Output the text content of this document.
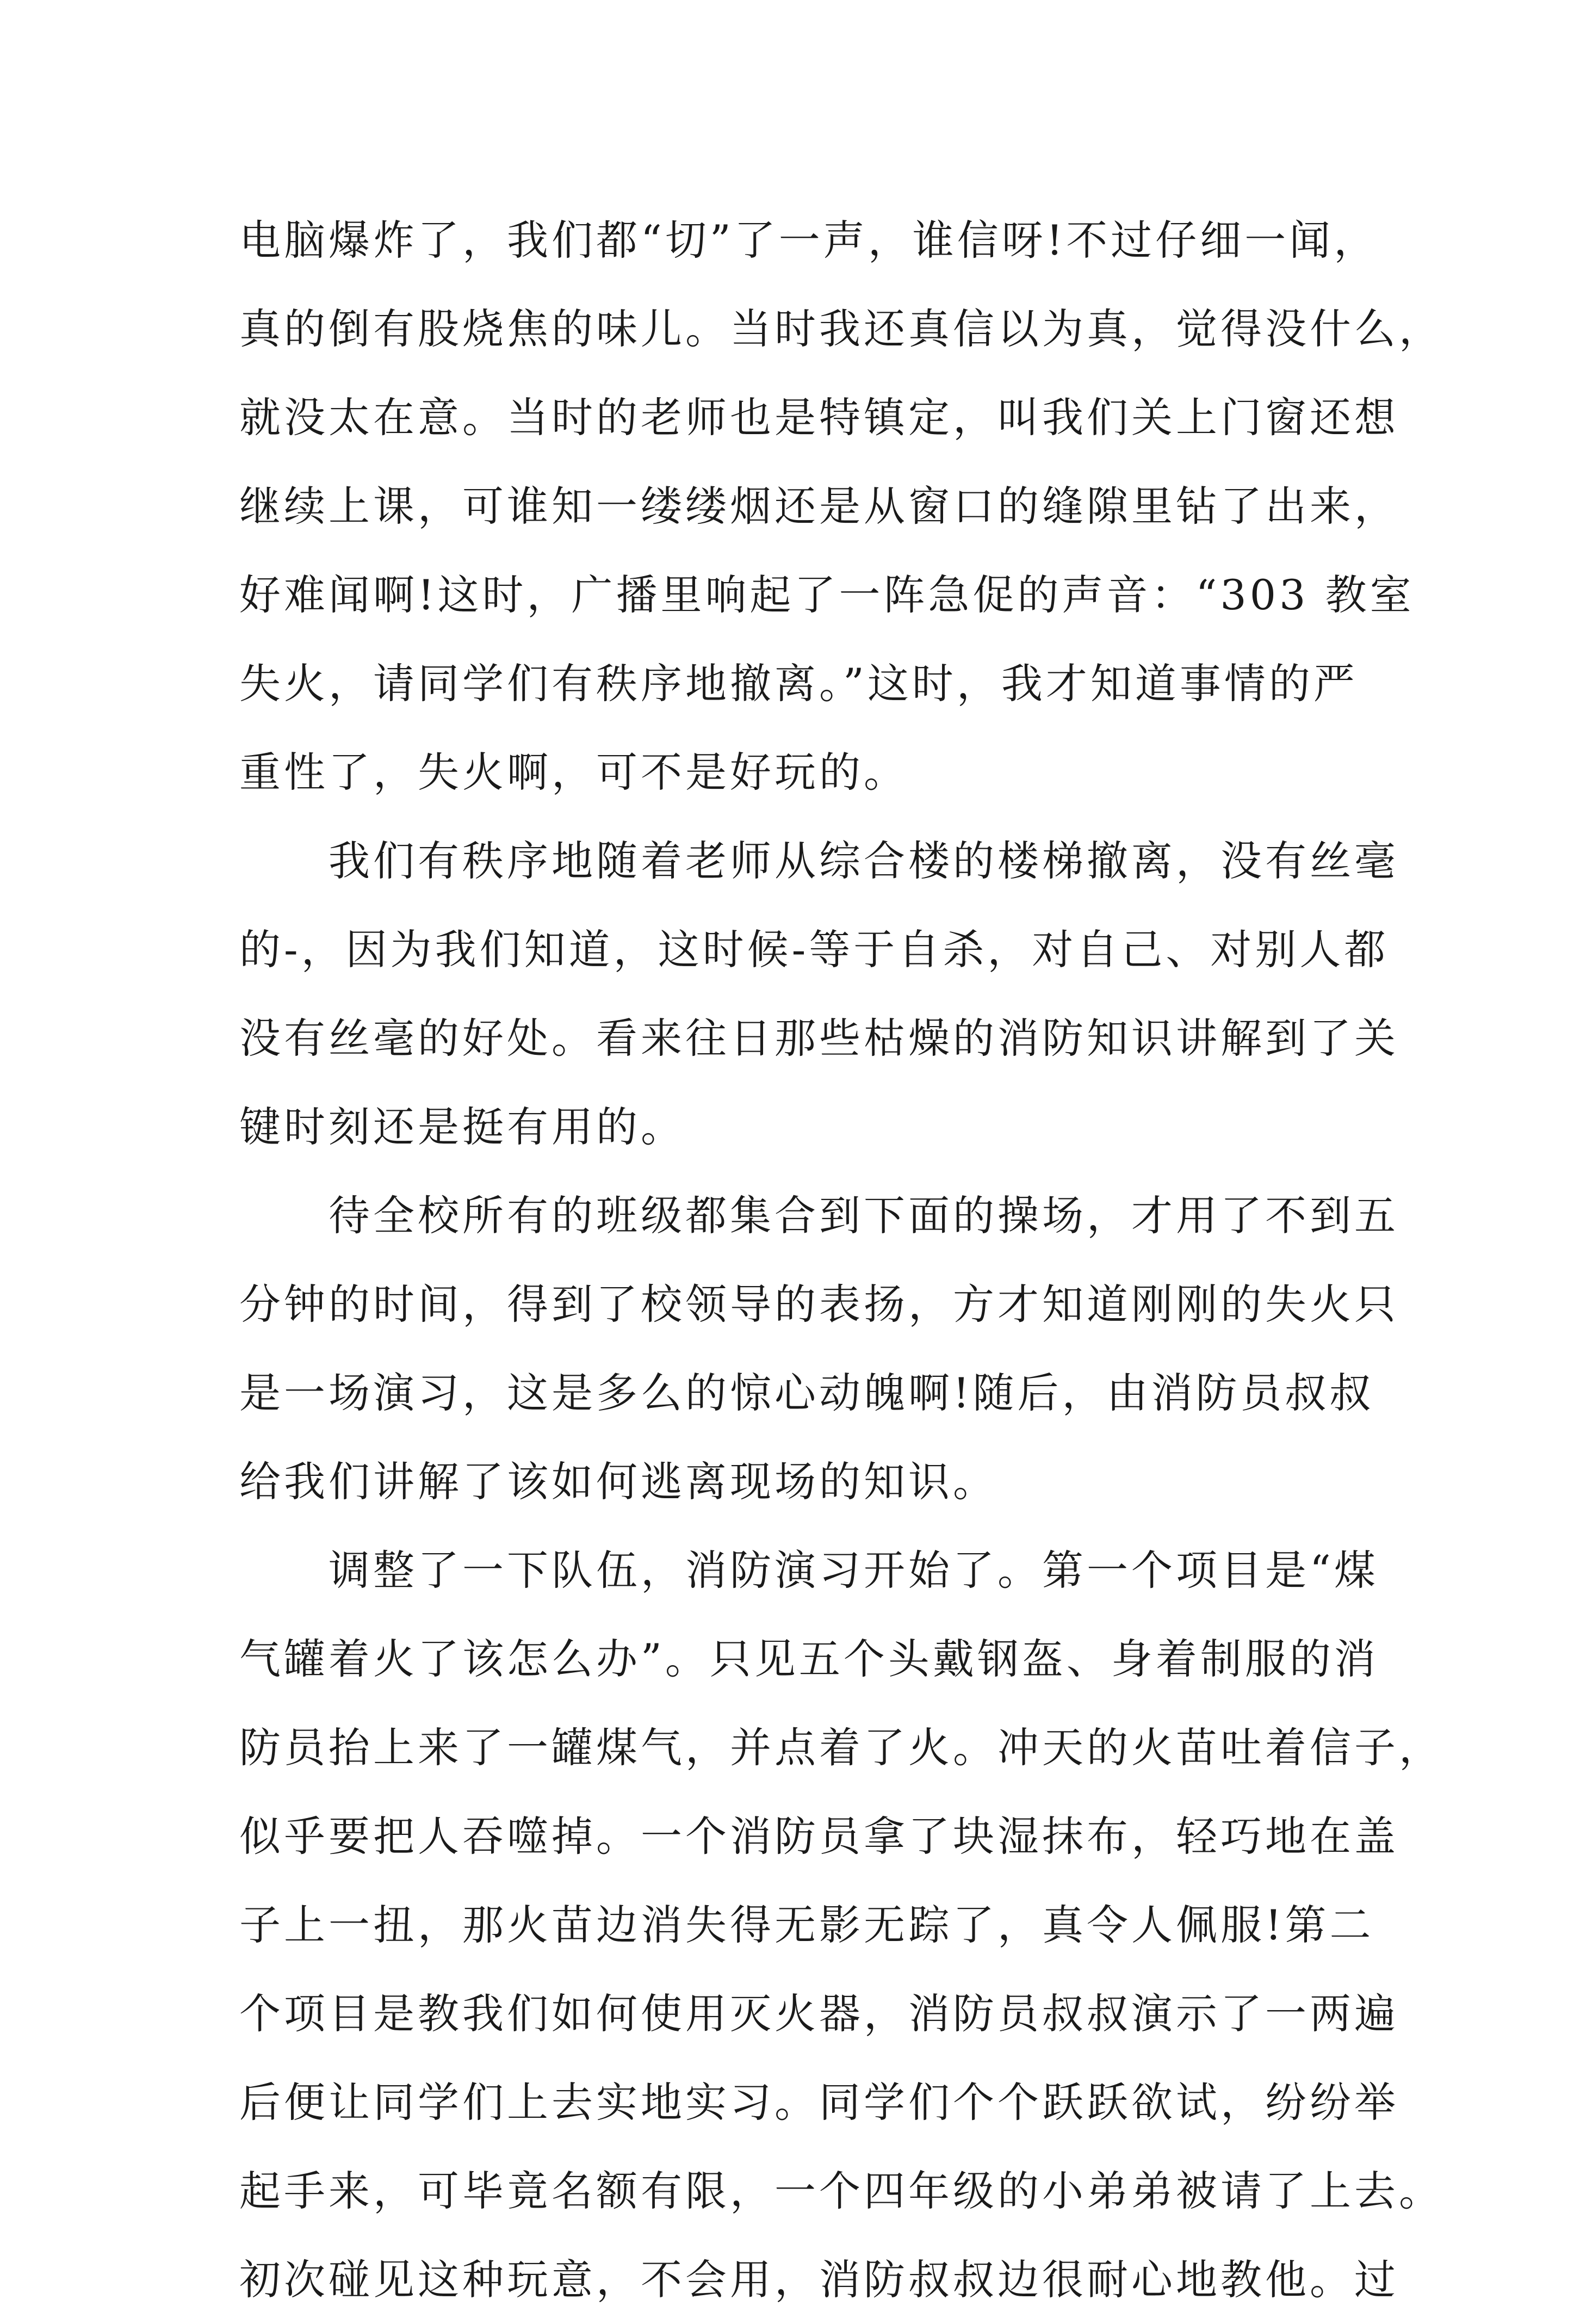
电脑爆炸了，我们都“切”了一声，谁信呀!不过仔细一闻，
真的倒有股烧焦的味儿。当时我还真信以为真，觉得没什么，
就没太在意。当时的老师也是特镇定，叫我们关上门窗还想
继续上课，可谁知一缕缕烟还是从窗口的缝隙里钻了出来，
好难闻啊!这时，广播里响起了一阵急促的声音：“303 教室
失火，请同学们有秩序地撤离。”这时，我才知道事情的严
重性了，失火啊，可不是好玩的。
我们有秩序地随着老师从综合楼的楼梯撤离，没有丝毫
的-，因为我们知道，这时候-等于自杀，对自己、对别人都
没有丝毫的好处。看来往日那些枯燥的消防知识讲解到了关
键时刻还是挺有用的。
待全校所有的班级都集合到下面的操场，才用了不到五
分钟的时间，得到了校领导的表扬，方才知道刚刚的失火只
是一场演习，这是多么的惊心动魄啊!随后，由消防员叔叔
给我们讲解了该如何逃离现场的知识。
调整了一下队伍，消防演习开始了。第一个项目是“煤
气罐着火了该怎么办”。只见五个头戴钢盔、身着制服的消
防员抬上来了一罐煤气，并点着了火。冲天的火苗吐着信子，
似乎要把人吞噬掉。一个消防员拿了块湿抹布，轻巧地在盖
子上一扭，那火苗边消失得无影无踪了，真令人佩服!第二
个项目是教我们如何使用灭火器，消防员叔叔演示了一两遍
后便让同学们上去实地实习。同学们个个跃跃欲试，纷纷举
起手来，可毕竟名额有限，一个四年级的小弟弟被请了上去。
初次碰见这种玩意，不会用，消防叔叔边很耐心地教他。过
